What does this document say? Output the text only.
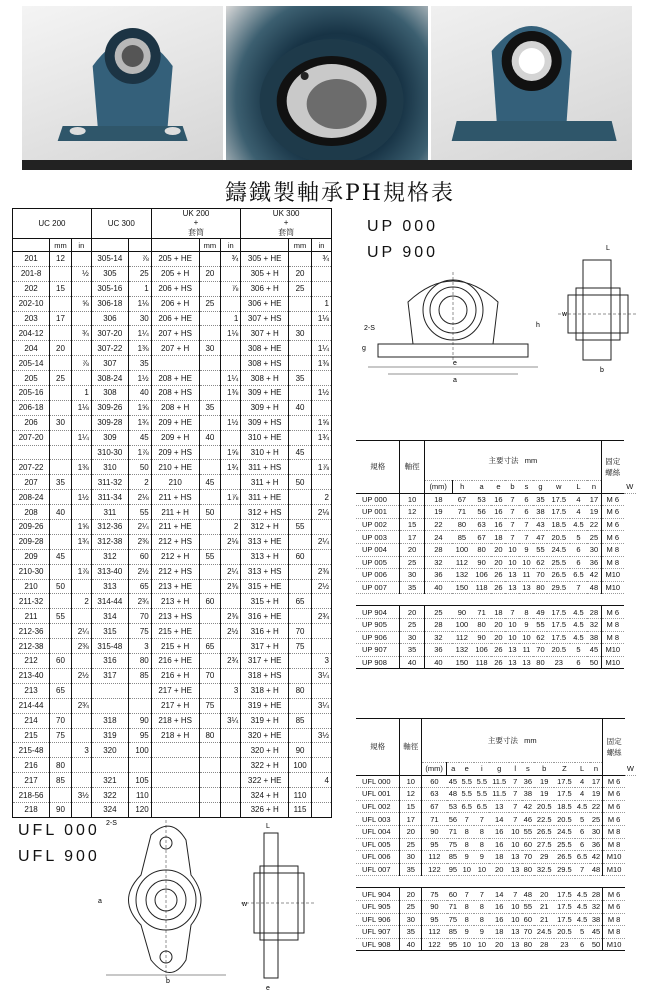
鑄鐵製軸承PH規格表
UC 200			UC 300		UK 200
+
套筒			UK 300
+
套筒		
	mm	in				mm	in		mm	in
201	12		305-14	⅞	205 + HE		¾	305 + HE		¾
201-8		½	305	25	205 + H	20		305 + H	20	
202	15		305-16	1	206 + HS		⅞	306 + H	25	
202-10		⅝	306-18	1⅛	206 + H	25		306 + HE		1
203	17		306	30	206 + HE		1	307 + HS		1⅛
204-12		¾	307-20	1¼	207 + HS		1⅛	307 + H	30	
204	20		307-22	1⅜	207 + H	30		308 + HE		1¼
205-14		⅞	307	35				308 + HS		1⅜
205	25		308-24	1½	208 + HE		1¼	308 + H	35	
205-16		1	308	40	208 + HS		1⅜	309 + HE		1½
206-18		1⅛	309-26	1⅝	208 + H	35		309 + H	40	
206	30		309-28	1¾	209 + HE		1½	309 + HS		1⅝
207-20		1¼	309	45	209 + H	40		310 + HE		1¾
			310-30	1⅞	209 + HS		1⅝	310 + H	45	
207-22		1⅜	310	50	210 + HE		1¾	311 + HS		1⅞
207	35		311-32	2	210	45		311 + H	50	
208-24		1½	311-34	2⅛	211 + HS		1⅞	311 + HE		2
208	40		311	55	211 + H	50		312 + HS		2⅛
209-26		1⅝	312-36	2¼	211 + HE		2	312 + H	55	
209-28		1¾	312-38	2⅜	212 + HS		2⅛	313 + HE		2¼
209	45		312	60	212 + H	55		313 + H	60	
210-30		1⅞	313-40	2½	212 + HS		2¼	313 + HS		2⅜
210	50		313	65	213 + HE		2⅜	315 + HE		2½
211-32		2	314-44	2¾	213 + H	60		315 + H	65	
211	55		314	70	213 + HS		2⅜	316 + HE		2¾
212-36		2¼	315	75	215 + HE		2½	316 + H	70	
212-38		2⅜	315-48	3	215 + H	65		317 + H	75	
212	60		316	80	216 + HE		2¾	317 + HE		3
213-40		2½	317	85	216 + H	70		318 + HS		3¼
213	65				217 + HE		3	318 + H	80	
214-44		2¾			217 + H	75		319 + HE		3¼
214	70		318	90	218 + HS		3¼	319 + H	85	
215	75		319	95	218 + H	80		320 + HE		3½
215-48		3	320	100				320 + H	90	
216	80							322 + H	100	
217	85		321	105				322 + HE		4
218-56		3½	322	110				324 + H	110	
218	90		324	120				326 + H	115	
UP 000
UP 900
2-S
g
e
a
h
L
w
b
規格	軸徑	主要寸法 mm										固定螺絲	
		(mm)	h	a	e	b	s	g	w	L	n		W
UP 000	10	18	67	53	16	7	6	35	17.5	4	17	M 6	
UP 001	12	19	71	56	16	7	6	38	17.5	4	19	M 6	
UP 002	15	22	80	63	16	7	7	43	18.5	4.5	22	M 6	
UP 003	17	24	85	67	18	7	7	47	20.5	5	25	M 6	
UP 004	20	28	100	80	20	10	9	55	24.5	6	30	M 8	
UP 005	25	32	112	90	20	10	10	62	25.5	6	36	M 8	
UP 006	30	36	132	106	26	13	11	70	26.5	6.5	42	M10	
UP 007	35	40	150	118	26	13	13	80	29.5	7	48	M10	

UP 904	20	25	90	71	18	7	8	49	17.5	4.5	28	M 6	
UP 905	25	28	100	80	20	10	9	55	17.5	4.5	32	M 8	
UP 906	30	32	112	90	20	10	10	62	17.5	4.5	38	M 8	
UP 907	35	36	132	106	26	13	11	70	20.5	5	45	M10	
UP 908	40	40	150	118	26	13	13	80	23	6	50	M10	
UFL 000
UFL 900
2-S
a
b
L
w
e
規格	軸徑	主要寸法 mm											固定螺絲	
		(mm)	a	e	i	g	l	s	b	Z	L	n		W
UFL 000	10	60	45	5.5	5.5	11.5	7	36	19	17.5	4	17	M 6	
UFL 001	12	63	48	5.5	5.5	11.5	7	38	19	17.5	4	19	M 6	
UFL 002	15	67	53	6.5	6.5	13	7	42	20.5	18.5	4.5	22	M 6	
UFL 003	17	71	56	7	7	14	7	46	22.5	20.5	5	25	M 6	
UFL 004	20	90	71	8	8	16	10	55	26.5	24.5	6	30	M 8	
UFL 005	25	95	75	8	8	16	10	60	27.5	25.5	6	36	M 8	
UFL 006	30	112	85	9	9	18	13	70	29	26.5	6.5	42	M10	
UFL 007	35	122	95	10	10	20	13	80	32.5	29.5	7	48	M10	

UFL 904	20	75	60	7	7	14	7	48	20	17.5	4.5	28	M 6	
UFL 905	25	90	71	8	8	16	10	55	21	17.5	4.5	32	M 6	
UFL 906	30	95	75	8	8	16	10	60	21	17.5	4.5	38	M 8	
UFL 907	35	112	85	9	9	18	13	70	24.5	20.5	5	45	M 8	
UFL 908	40	122	95	10	10	20	13	80	28	23	6	50	M10	
